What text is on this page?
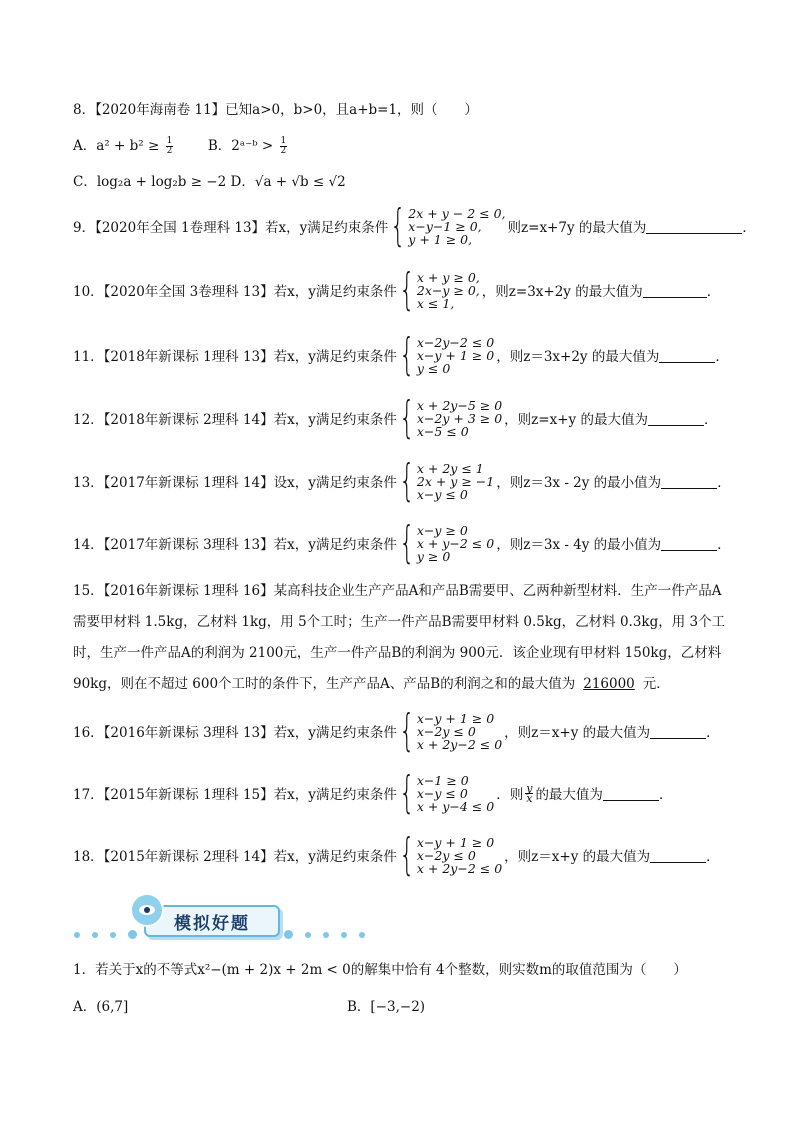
8．【2020年海南卷 11】已知a>0，b>0，且a+b=1，则（　　）
A．$a^2 + b^2 \ge \frac{1}{2}$	B．2ᵃ⁻ᵇ > $\frac{1}{2}$
C．log₂a + log₂b ≥ −2 D．√a + √b ≤ √2
9．【2020年全国 1卷理科 13】若x，y满足约束条件 { 2x + y − 2 ≤ 0,
x−y−1 ≥ 0,
y + 1 ≥ 0,
则z=x+7y 的最大值为	．
10．【2020年全国 3卷理科 13】若x，y满足约束条件 { x + y ≥ 0,
2x−y ≥ 0,
x ≤ 1,
，则z=3x+2y 的最大值为	．
11．【2018年新课标 1理科 13】若x，y满足约束条件 { x−2y−2 ≤ 0
x−y + 1 ≥ 0
y ≤ 0
，则z＝3x+2y 的最大值为	．
12．【2018年新课标 2理科 14】若x，y满足约束条件 { x + 2y−5 ≥ 0
x−2y + 3 ≥ 0
x−5 ≤ 0
，则z=x+y 的最大值为	．
13．【2017年新课标 1理科 14】设x，y满足约束条件 { x + 2y ≤ 1
2x + y ≥ −1
x−y ≤ 0
，则z＝3x - 2y 的最小值为	．
14．【2017年新课标 3理科 13】若x，y满足约束条件 { x−y ≥ 0
x + y−2 ≤ 0
y ≥ 0
，则z＝3x - 4y 的最小值为	．
15．【2016年新课标 1理科 16】某高科技企业生产产品A和产品B需要甲、乙两种新型材料．生产一件产品A需要甲材料 1.5kg，乙材料 1kg，用 5个工时；生产一件产品B需要甲材料 0.5kg，乙材料 0.3kg，用 3个工时，生产一件产品A的利润为 2100元，生产一件产品B的利润为 900元．该企业现有甲材料 150kg，乙材料 90kg，则在不超过 600个工时的条件下，生产产品A、产品B的利润之和的最大值为 216000 元．
16．【2016年新课标 3理科 13】若x，y满足约束条件 { x−y + 1 ≥ 0
x−2y ≤ 0
x + 2y−2 ≤ 0
，则z＝x+y 的最大值为	．
17．【2015年新课标 1理科 15】若x，y满足约束条件 { x−1 ≥ 0
x−y ≤ 0
x + y−4 ≤ 0
．则 $\frac{y}{x}$ 的最大值为	．
18．【2015年新课标 2理科 14】若x，y满足约束条件 { x−y + 1 ≥ 0
x−2y ≤ 0
x + 2y−2 ≤ 0
，则z＝x+y 的最大值为	．
模拟好题
1．若关于x的不等式x²−(m + 2)x + 2m < 0的解集中恰有 4个整数，则实数m的取值范围为（　　）
A．(6,7]	B．[−3,−2)
